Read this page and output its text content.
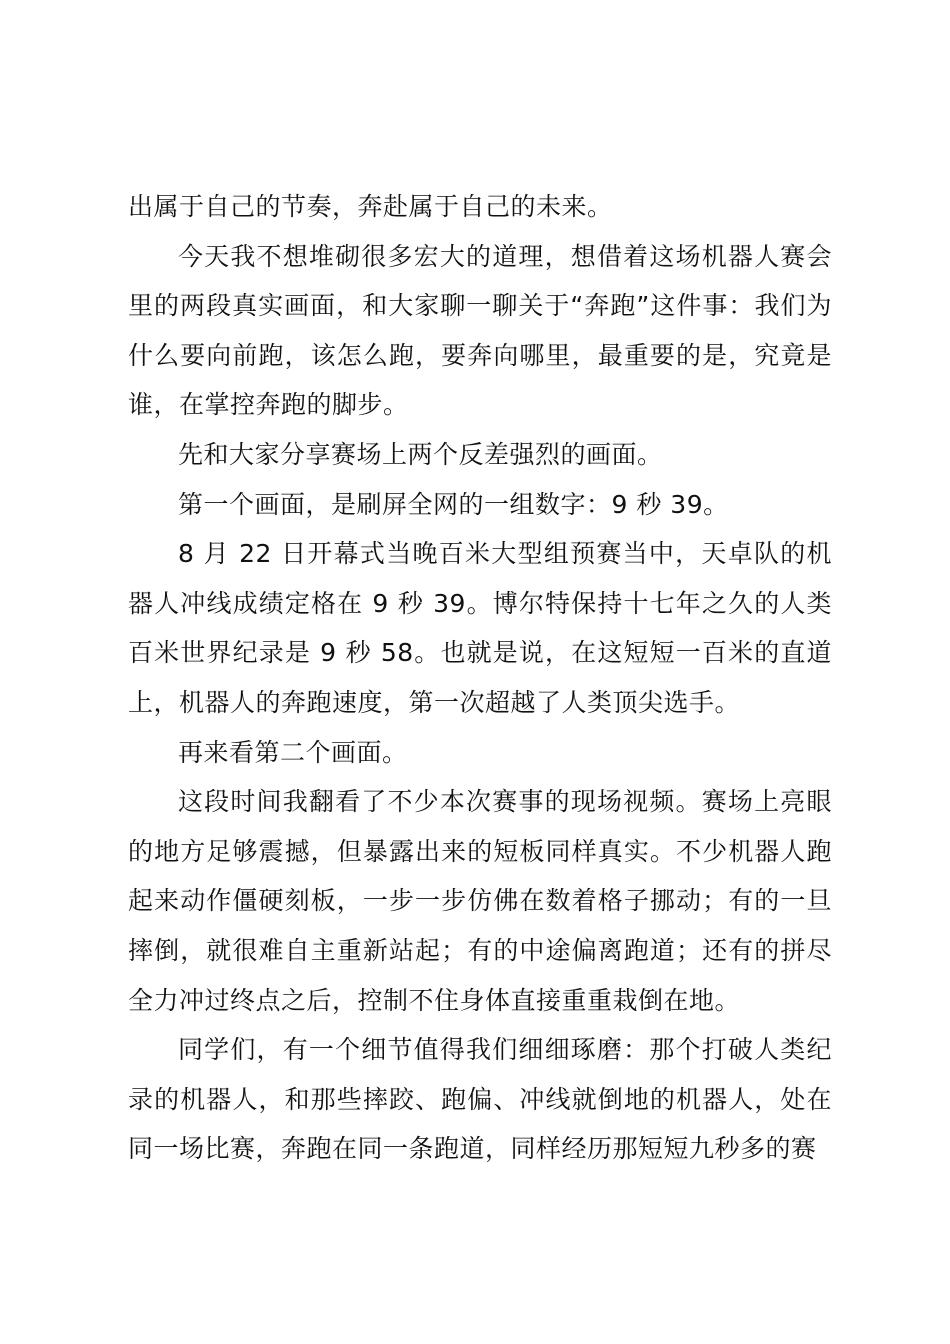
出属于自己的节奏，奔赴属于自己的未来。

今天我不想堆砌很多宏大的道理，想借着这场机器人赛会里的两段真实画面，和大家聊一聊关于“奔跑”这件事：我们为什么要向前跑，该怎么跑，要奔向哪里，最重要的是，究竟是谁，在掌控奔跑的脚步。

先和大家分享赛场上两个反差强烈的画面。

第一个画面，是刷屏全网的一组数字：9 秒 39。

8 月 22 日开幕式当晚百米大型组预赛当中，天卓队的机器人冲线成绩定格在 9 秒 39。博尔特保持十七年之久的人类百米世界纪录是 9 秒 58。也就是说，在这短短一百米的直道上，机器人的奔跑速度，第一次超越了人类顶尖选手。

再来看第二个画面。

这段时间我翻看了不少本次赛事的现场视频。赛场上亮眼的地方足够震撼，但暴露出来的短板同样真实。不少机器人跑起来动作僵硬刻板，一步一步仿佛在数着格子挪动；有的一旦摔倒，就很难自主重新站起；有的中途偏离跑道；还有的拼尽全力冲过终点之后，控制不住身体直接重重栽倒在地。

同学们，有一个细节值得我们细细琢磨：那个打破人类纪录的机器人，和那些摔跤、跑偏、冲线就倒地的机器人，处在同一场比赛，奔跑在同一条跑道，同样经历那短短九秒多的赛
